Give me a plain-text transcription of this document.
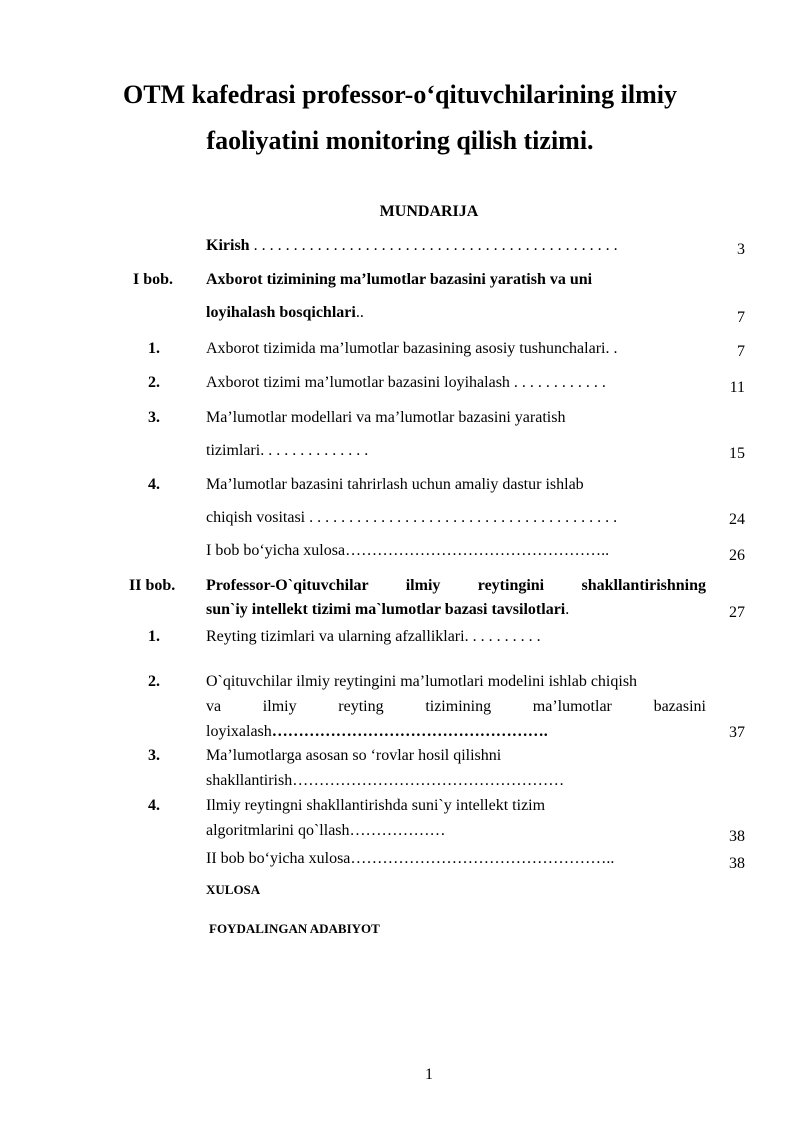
OTM kafedrasi professor-o‘qituvchilarining ilmiy
faoliyatini monitoring qilish tizimi.
MUNDARIJA
Kirish . . . . . . . . . . . . . . . . . . . . . . . . . . . . . . . . . . . . . . . . . . . . . .	3
I bob. Axborot tizimining ma’lumotlar bazasini yaratish va uni
loyihalash bosqichlari..	7
1.	Axborot tizimida ma’lumotlar bazasining asosiy tushunchalari. .	7
2.	Axborot tizimi ma’lumotlar bazasini loyihalash . . . . . . . . . . . .	11
3.	Ma’lumotlar modellari va ma’lumotlar bazasini yaratish
tizimlari. . . . . . . . . . . . . .	15
4.	Ma’lumotlar bazasini tahrirlash uchun amaliy dastur ishlab
chiqish vositasi . . . . . . . . . . . . . . . . . . . . . . . . . . . . . . . . . . . . . . .	24
I bob bo‘yicha xulosa…………………………………………..	26
II bob. Professor-O`qituvchilar ilmiy reytingini shakllantirishning
sun`iy intellekt tizimi ma`lumotlar bazasi tavsilotlari.	27
1.	Reyting tizimlari va ularning afzalliklari. . . . . . . . . .
2.	O`qituvchilar ilmiy reytingini ma’lumotlari modelini ishlab chiqish
va ilmiy reyting tizimining ma’lumotlar bazasini
loyixalash…………………………………………….	37
3.	Ma’lumotlarga asosan so ‘rovlar hosil qilishni
shakllantirish……………………………………………
4.	Ilmiy reytingni shakllantirishda suni`y intellekt tizim
algoritmlarini qo`llash………………	38
II bob bo‘yicha xulosa…………………………………………..	38
XULOSA
FOYDALINGAN ADABIYOT
1
